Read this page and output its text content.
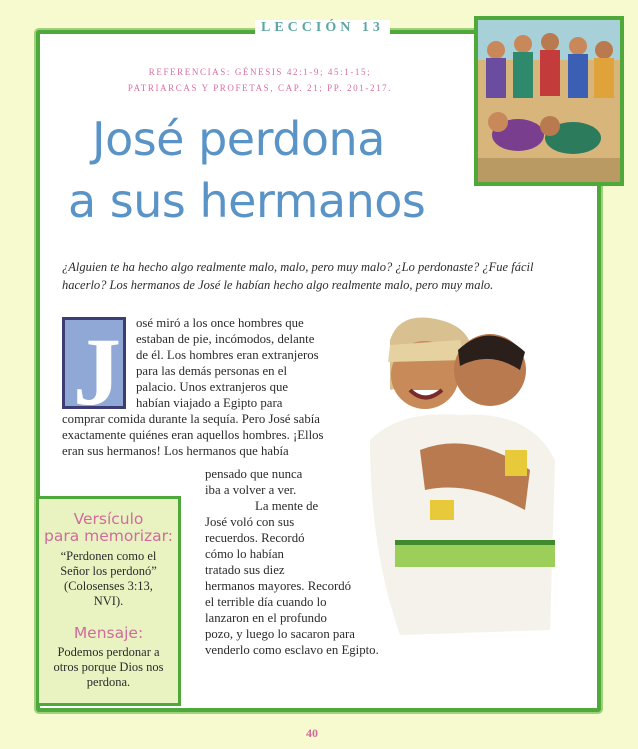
LECCIÓN 13
REFERENCIAS: GÉNESIS 42:1-9; 45:1-15;
PATRIARCAS Y PROFETAS, CAP. 21; PP. 201-217.
José perdona
a sus hermanos
¿Alguien te ha hecho algo realmente malo, malo, pero muy malo? ¿Lo perdonaste? ¿Fue fácil hacerlo? Los hermanos de José le habían hecho algo realmente malo, pero muy malo.
J osé miró a los once hombres que
estaban de pie, incómodos, delante
de él. Los hombres eran extranjeros
para las demás personas en el
palacio. Unos extranjeros que
habían viajado a Egipto para
comprar comida durante la sequía. Pero José sabía
exactamente quiénes eran aquellos hombres. ¡Ellos
eran sus hermanos! Los hermanos que había
pensado que nunca
iba a volver a ver.
La mente de
José voló con sus
recuerdos. Recordó
cómo lo habían
tratado sus diez
hermanos mayores. Recordó
el terrible día cuando lo
lanzaron en el profundo
pozo, y luego lo sacaron para
venderlo como esclavo en Egipto.
Versículo
para memorizar:
“Perdonen como el
Señor los perdonó”
(Colosenses 3:13,
NVI).
Mensaje:
Podemos perdonar a
otros porque Dios nos
perdona.
40
